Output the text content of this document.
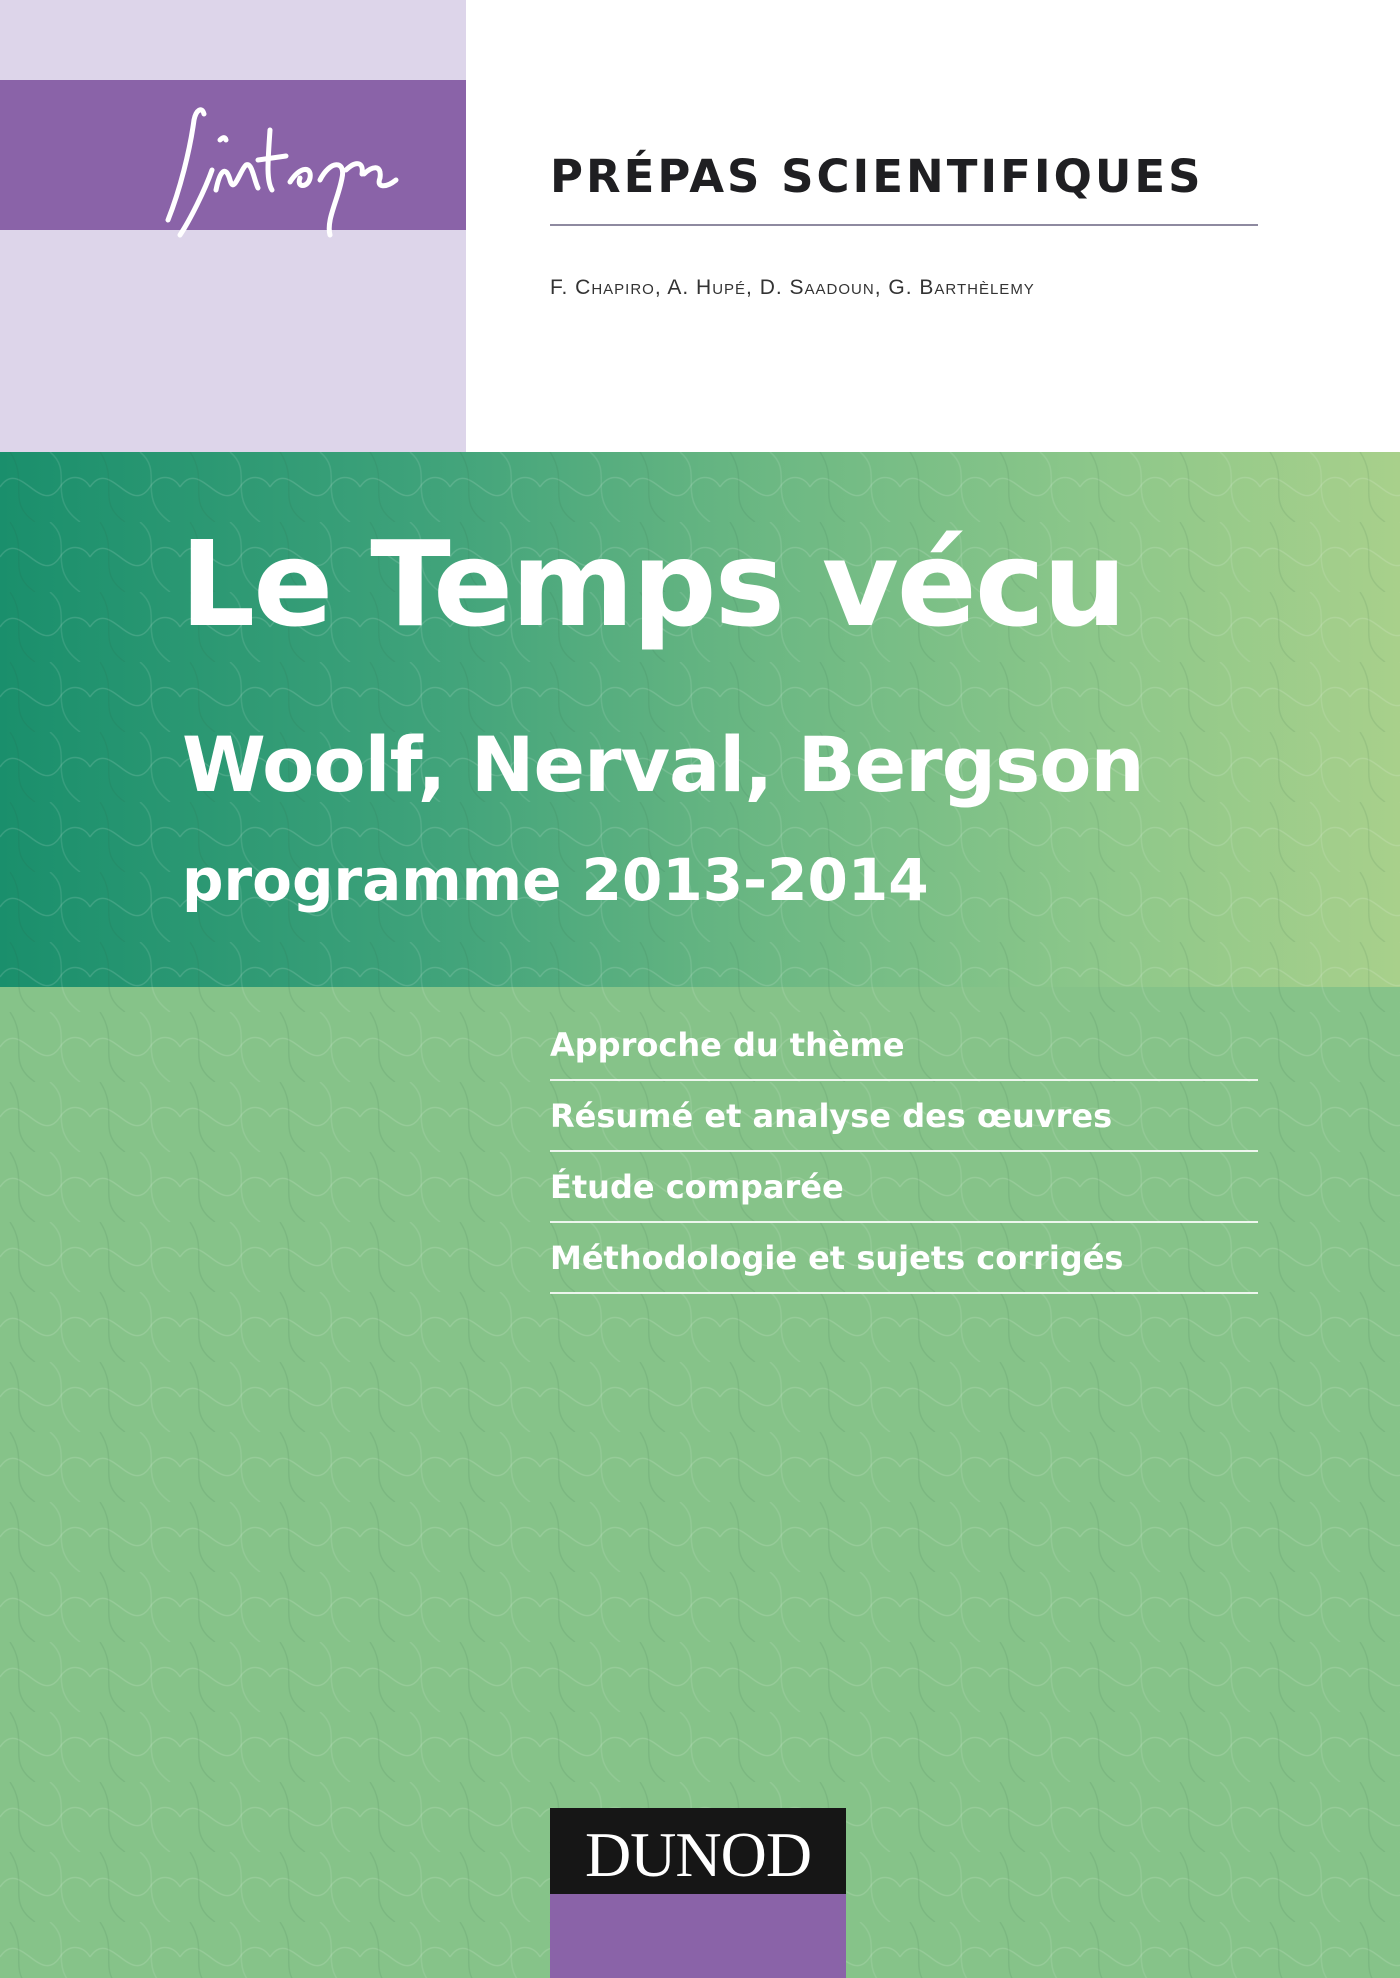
j'intègre
PRÉPAS SCIENTIFIQUES
F. Chapiro, A. Hupé, D. Saadoun, G. Barthèlemy
Le Temps vécu
Woolf, Nerval, Bergson
programme 2013-2014
Approche du thème
Résumé et analyse des œuvres
Étude comparée
Méthodologie et sujets corrigés
DUNOD
